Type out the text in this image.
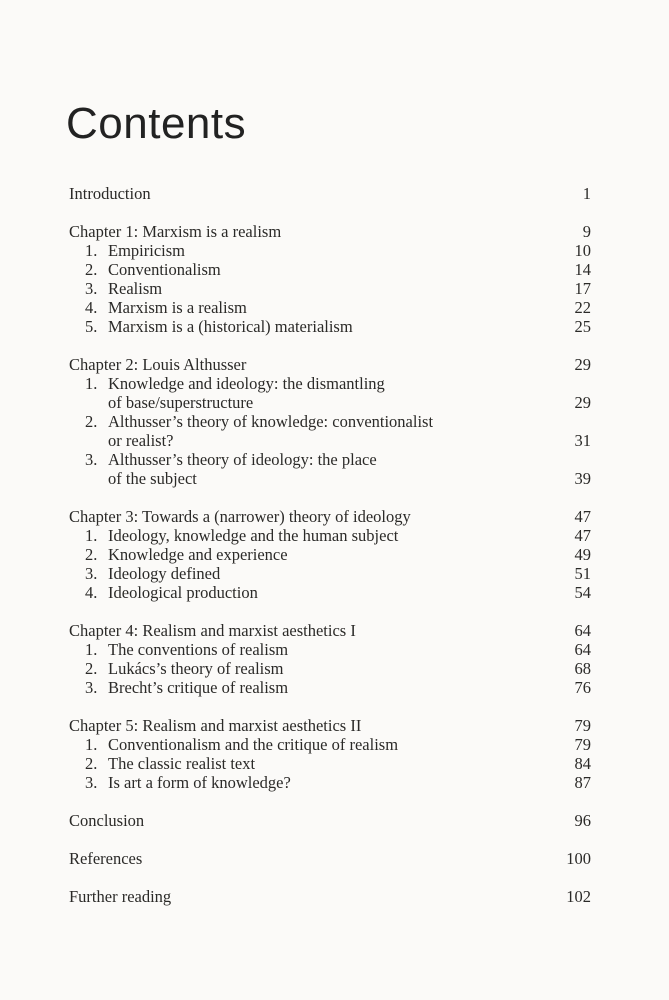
Contents
Introduction	1
Chapter 1: Marxism is a realism	9
1. Empiricism	10
2. Conventionalism	14
3. Realism	17
4. Marxism is a realism	22
5. Marxism is a (historical) materialism	25
Chapter 2: Louis Althusser	29
1. Knowledge and ideology: the dismantling
of base/superstructure	29
2. Althusser’s theory of knowledge: conventionalist
or realist?	31
3. Althusser’s theory of ideology: the place
of the subject	39
Chapter 3: Towards a (narrower) theory of ideology	47
1. Ideology, knowledge and the human subject	47
2. Knowledge and experience	49
3. Ideology defined	51
4. Ideological production	54
Chapter 4: Realism and marxist aesthetics I	64
1. The conventions of realism	64
2. Lukács’s theory of realism	68
3. Brecht’s critique of realism	76
Chapter 5: Realism and marxist aesthetics II	79
1. Conventionalism and the critique of realism	79
2. The classic realist text	84
3. Is art a form of knowledge?	87
Conclusion	96
References	100
Further reading	102
